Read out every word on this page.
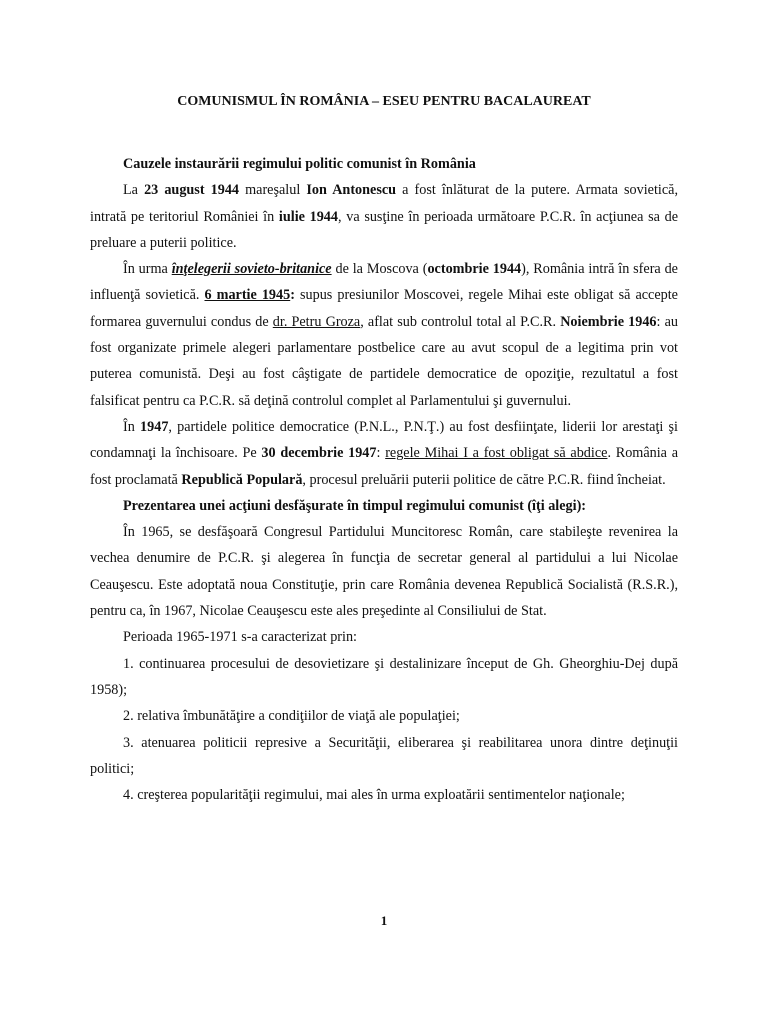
COMUNISMUL ÎN ROMÂNIA – ESEU PENTRU BACALAUREAT

Cauzele instaurării regimului politic comunist în România

La 23 august 1944 mareşalul Ion Antonescu a fost înlăturat de la putere. Armata sovietică, intrată pe teritoriul României în iulie 1944, va susţine în perioada următoare P.C.R. în acţiunea sa de preluare a puterii politice.

În urma înţelegerii sovieto-britanice de la Moscova (octombrie 1944), România intră în sfera de influenţă sovietică. 6 martie 1945: supus presiunilor Moscovei, regele Mihai este obligat să accepte formarea guvernului condus de dr. Petru Groza, aflat sub controlul total al P.C.R. Noiembrie 1946: au fost organizate primele alegeri parlamentare postbelice care au avut scopul de a legitima prin vot puterea comunistă. Deşi au fost câştigate de partidele democratice de opoziţie, rezultatul a fost falsificat pentru ca P.C.R. să deţină controlul complet al Parlamentului şi guvernului.

În 1947, partidele politice democratice (P.N.L., P.N.Ţ.) au fost desfiinţate, liderii lor arestaţi şi condamnaţi la închisoare. Pe 30 decembrie 1947: regele Mihai I a fost obligat să abdice. România a fost proclamată Republică Populară, procesul preluării puterii politice de către P.C.R. fiind încheiat.

Prezentarea unei acţiuni desfăşurate în timpul regimului comunist (îţi alegi):

În 1965, se desfăşoară Congresul Partidului Muncitoresc Român, care stabileşte revenirea la vechea denumire de P.C.R. şi alegerea în funcţia de secretar general al partidului a lui Nicolae Ceauşescu. Este adoptată noua Constituţie, prin care România devenea Republică Socialistă (R.S.R.), pentru ca, în 1967, Nicolae Ceauşescu este ales preşedinte al Consiliului de Stat.

Perioada 1965-1971 s-a caracterizat prin:

1. continuarea procesului de desovietizare şi destalinizare început de Gh. Gheorghiu-Dej după 1958);

2. relativa îmbunătăţire a condiţiilor de viaţă ale populaţiei;

3. atenuarea politicii represive a Securităţii, eliberarea şi reabilitarea unora dintre deţinuţii politici;

4. creşterea popularităţii regimului, mai ales în urma exploatării sentimentelor naţionale;

1
